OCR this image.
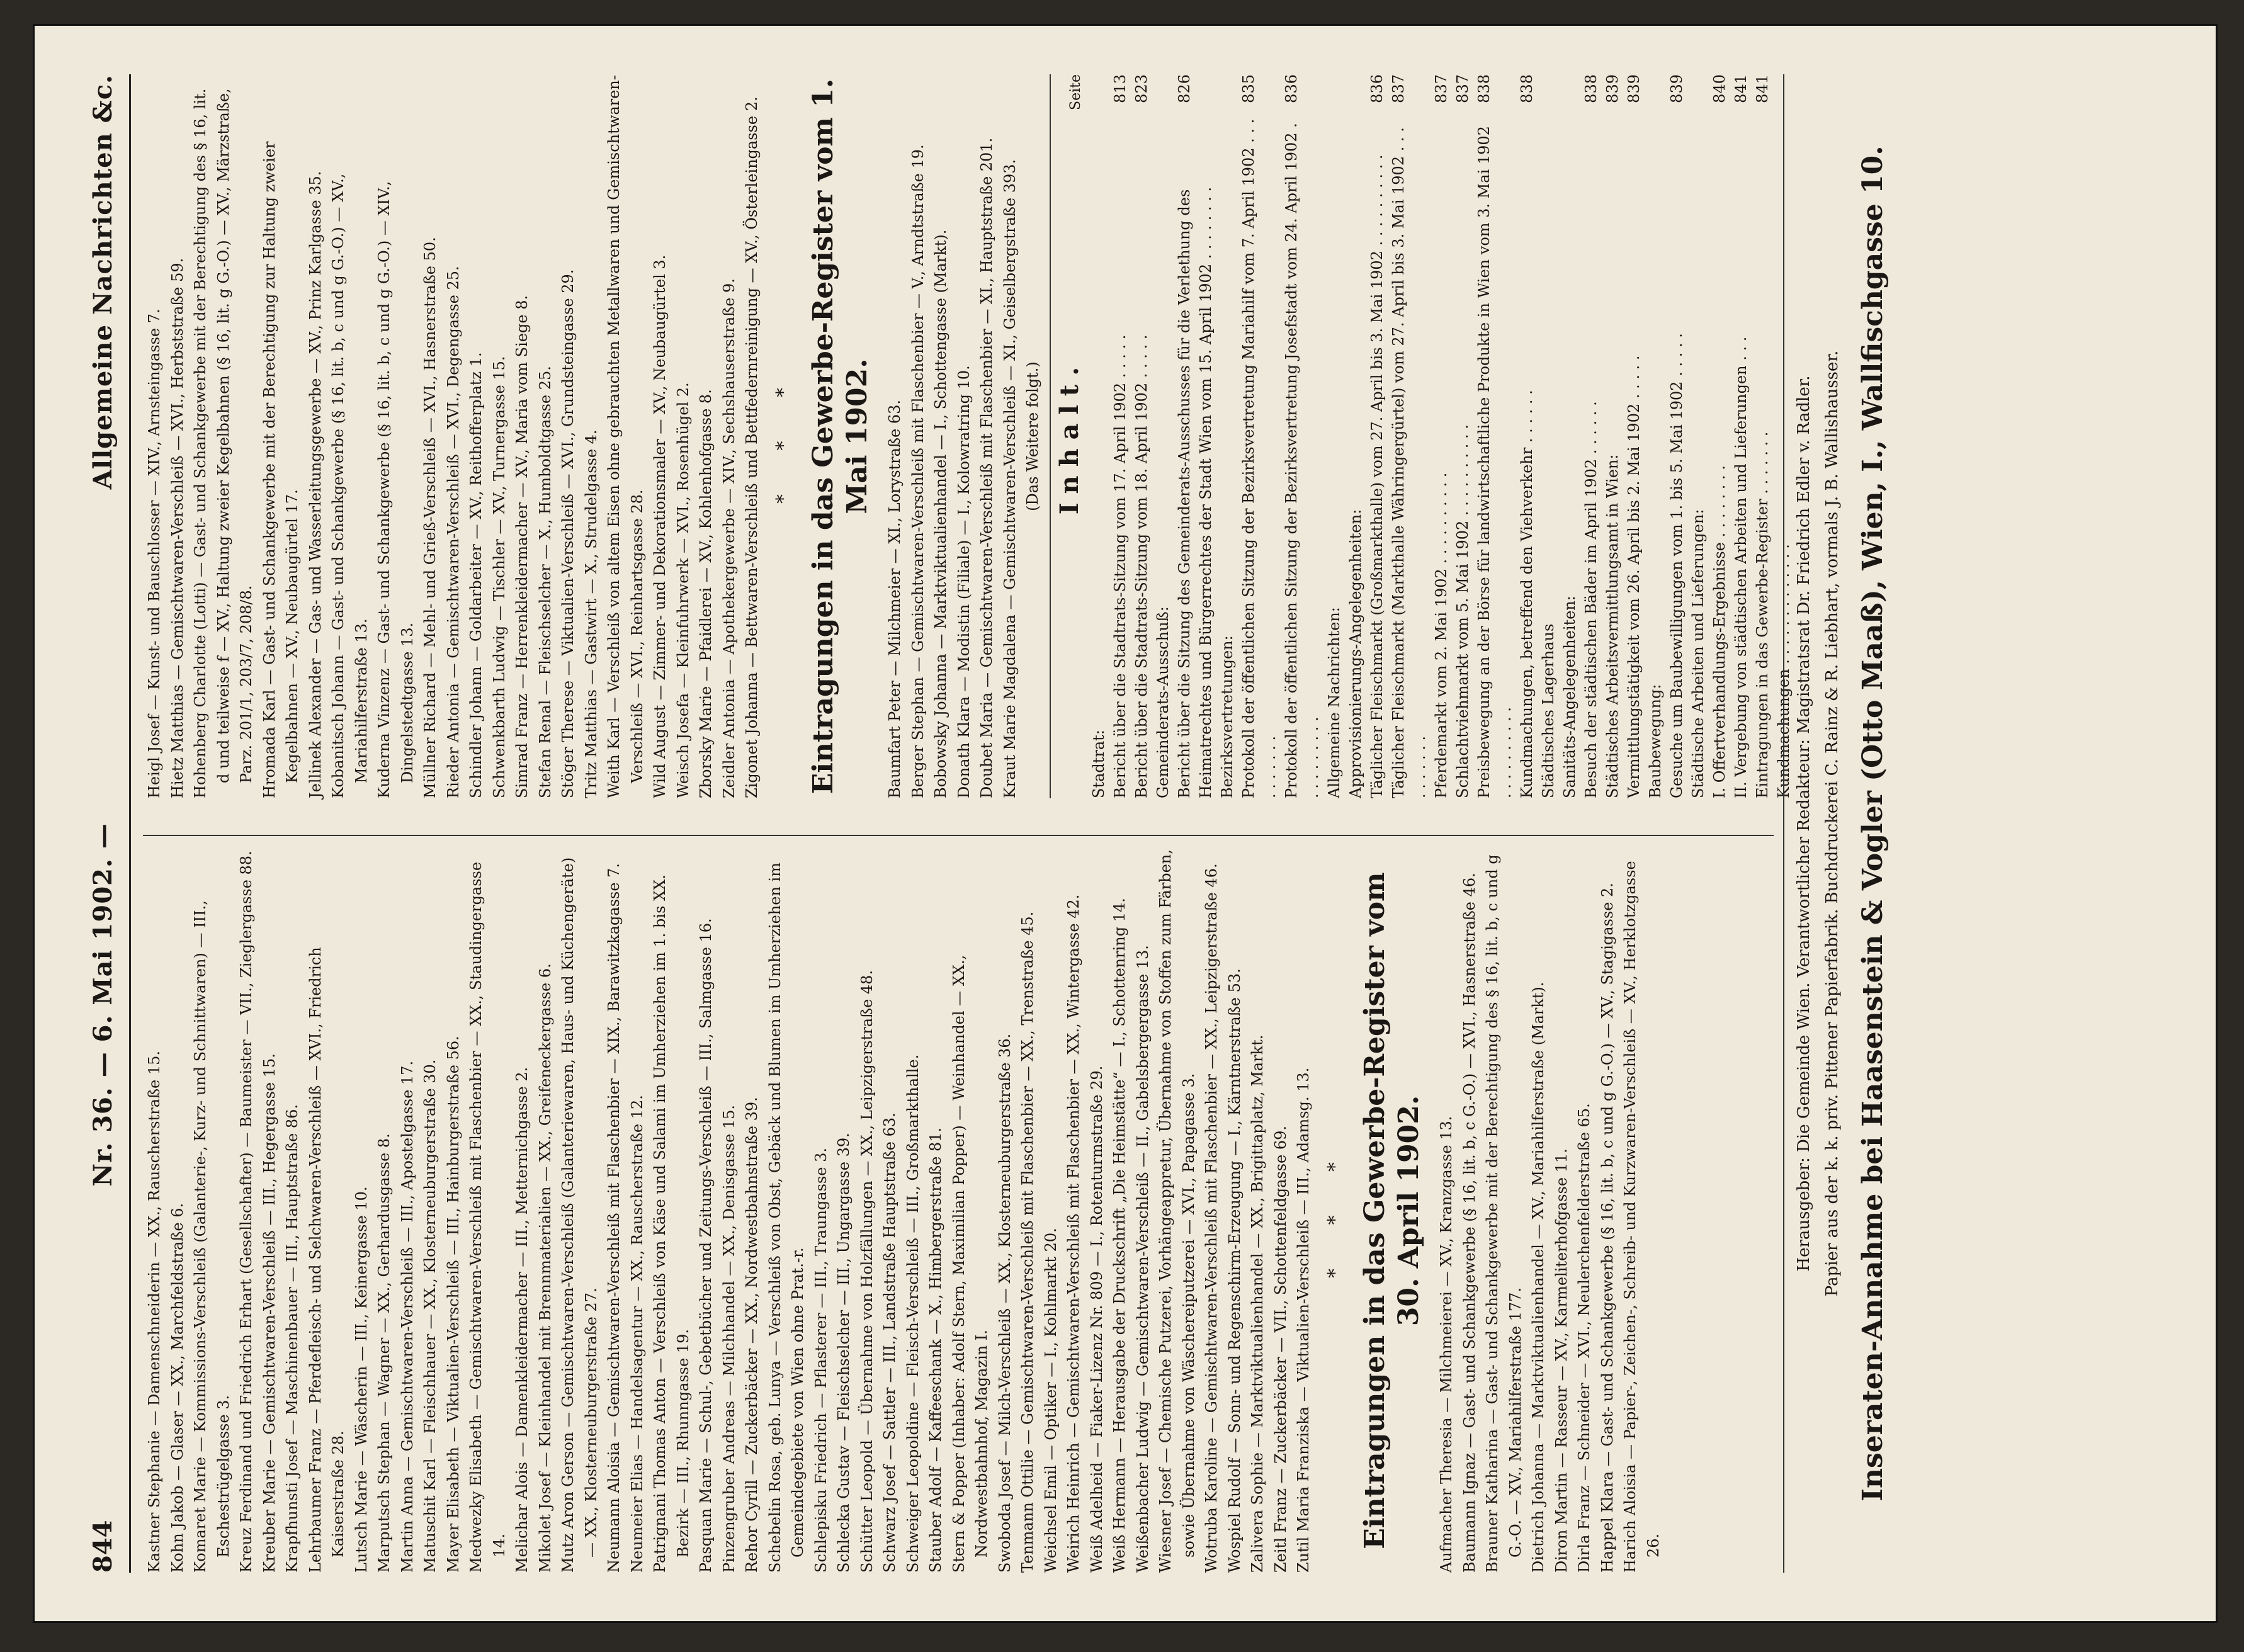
844
Nr. 36. — 6. Mai 1902. —
Allgemeine Nachrichten &c.

Kastner Stephanie — Damenschneiderin — XX., Rauscherstraße 15. Kohn Jakob — Glaser — XX., Marchfeldstraße 6. Komaret Marie — Kommissions-Verschleiß (Galanterie-, Kurz- und Schnittwaren) — III., Eschestrügelgasse 3. Kreuz Ferdinand und Friedrich Erhart (Gesellschafter) — Baumeister — VII., Zieglergasse 88. Kreuber Marie — Gemischtwaren-Verschleiß — III., Hegergasse 15. Krapfhunsti Josef — Maschinenbauer — III., Hauptstraße 86. Lehrbaumer Franz — Pferdefleisch- und Selchwaren-Verschleiß — XVI., Friedrich Kaiserstraße 28. Lutsch Marie — Wäscherin — III., Keinergasse 10. Marputsch Stephan — Wagner — XX., Gerhardusgasse 8. Martin Anna — Gemischtwaren-Verschleiß — III., Apostelgasse 17. Matuschit Karl — Fleischhauer — XX., Klosterneuburgerstraße 30. Mayer Elisabeth — Viktualien-Verschleiß — III., Hainburgerstraße 56. Medwezky Elisabeth — Gemischtwaren-Verschleiß mit Flaschenbier — XX., Staudingergasse 14. Melichar Alois — Damenkleidermacher — III., Metternichgasse 2. Mikolet Josef — Kleinhandel mit Brennmaterialien — XX., Greifeneckergasse 6. Mutz Aron Gerson — Gemischtwaren-Verschleiß (Galanteriewaren, Haus- und Küchengeräte) — XX., Klosterneuburgerstraße 27. Neumann Aloisia — Gemischtwaren-Verschleiß mit Flaschenbier — XIX., Barawitzkagasse 7. Neumeier Elias — Handelsagentur — XX., Rauscherstraße 12. Patrignani Thomas Anton — Verschleiß von Käse und Salami im Umherziehen im 1. bis XX. Bezirk — III., Rhunngasse 19. Pasquan Marie — Schul-, Gebetbücher und Zeitungs-Verschleiß — III., Salmgasse 16. Pinzengruber Andreas — Milchhandel — XX., Denisgasse 15. Rehor Cyrill — Zuckerbäcker — XX., Nordwestbahnstraße 39. Schebelin Rosa, geb. Lunya — Verschleiß von Obst, Gebäck und Blumen im Umherziehen im Gemeindegebiete von Wien ohne Prat.-r. Schlepisku Friedrich — Pflasterer — III., Traungasse 3. Schlecka Gustav — Fleischselcher — III., Ungargasse 39. Schütter Leopold — Übernahme von Holzfällungen — XX., Leipzigerstraße 48. Schwarz Josef — Sattler — III., Landstraße Hauptstraße 63. Schweiger Leopoldine — Fleisch-Verschleiß — III., Großmarkthalle. Stauber Adolf — Kaffeeschank — X., Himbergerstraße 81. Stern & Popper (Inhaber: Adolf Stern, Maximilian Popper) — Weinhandel — XX., Nordwestbahnhof, Magazin I. Swoboda Josef — Milch-Verschleiß — XX., Klosterneuburgerstraße 36. Tenmann Ottilie — Gemischtwaren-Verschleiß mit Flaschenbier — XX., Trenstraße 45. Weichsel Emil — Optiker — I., Kohlmarkt 20. Weirich Heinrich — Gemischtwaren-Verschleiß mit Flaschenbier — XX., Wintergasse 42. Weiß Adelheid — Fiaker-Lizenz Nr. 809 — I., Rotenturmstraße 29. Weiß Hermann — Herausgabe der Druckschrift „Die Heimstätte“ — I., Schottenring 14. Weißenbacher Ludwig — Gemischtwaren-Verschleiß — II., Gabelsbergergasse 13. Wiesner Josef — Chemische Putzerei, Vorhängeappretur, Übernahme von Stoffen zum Färben, sowie Übernahme von Wäschereiputzerei — XVI., Papagasse 3. Wotruba Karoline — Gemischtwaren-Verschleiß mit Flaschenbier — XX., Leipzigerstraße 46. Wospiel Rudolf — Sonn- und Regenschirm-Erzeugung — I., Kärntnerstraße 53. Zalivera Sophie — Marktviktualienhandel — XX., Brigittaplatz, Markt. Zeitl Franz — Zuckerbäcker — VII., Schottenfeldgasse 69. Zutil Maria Franziska — Viktualien-Verschleiß — III., Adamsg. 13. * * * Eintragungen in das Gewerbe-Register vom 30. April 1902. Aufmacher Theresia — Milchmeierei — XV., Kranzgasse 13. Baumann Ignaz — Gast- und Schankgewerbe (§ 16, lit. b, c G.-O.) — XVI., Hasnerstraße 46. Brauner Katharina — Gast- und Schankgewerbe mit der Berechtigung des § 16, lit. b, c und g G.-O. — XV., Mariahilferstraße 177. Dietrich Johanna — Marktviktualienhandel — XV., Mariahilferstraße (Markt). Diron Martin — Rasseur — XV., Karmeliterhofgasse 11. Dirla Franz — Schneider — XVI., Neulerchenfelderstraße 65. Happel Klara — Gast- und Schankgewerbe (§ 16, lit. b, c und g G.-O.) — XV., Stagigasse 2. Harich Aloisia — Papier-, Zeichen-, Schreib- und Kurzwaren-Verschleiß — XV., Herklotzgasse 26.

Heigl Josef — Kunst- und Bauschlosser — XIV., Arnsteingasse 7. Hietz Matthias — Gemischtwaren-Verschleiß — XVI., Herbststraße 59. Hohenberg Charlotte (Lotti) — Gast- und Schankgewerbe mit der Berechtigung des § 16, lit. d und teilweise f — XV., Haltung zweier Kegelbahnen (§ 16, lit. g G.-O.) — XV., Märzstraße, Parz. 201/1, 203/7, 208/8. Hromada Karl — Gast- und Schankgewerbe mit der Berechtigung zur Haltung zweier Kegelbahnen — XV., Neubaugürtel 17. Jellinek Alexander — Gas- und Wasserleitungsgewerbe — XV., Prinz Karlgasse 35. Kobanitsch Johann — Gast- und Schankgewerbe (§ 16, lit. b, c und g G.-O.) — XV., Mariahilferstraße 13. Kuderna Vinzenz — Gast- und Schankgewerbe (§ 16, lit. b, c und g G.-O.) — XIV., Dingelstedtgasse 13. Müllner Richard — Mehl- und Grieß-Verschleiß — XVI., Hasnerstraße 50. Rieder Antonia — Gemischtwaren-Verschleiß — XVI., Degengasse 25. Schindler Johann — Goldarbeiter — XV., Reithofferplatz 1. Schwenkbarth Ludwig — Tischler — XV., Turnergasse 15. Simrad Franz — Herrenkleidermacher — XV., Maria vom Siege 8. Stefan Renal — Fleischselcher — X., Humboldtgasse 25. Stöger Therese — Viktualien-Verschleiß — XVI., Grundsteingasse 29. Tritz Matthias — Gastwirt — X., Strudelgasse 4. Weith Karl — Verschleiß von altem Eisen ohne gebrauchten Metallwaren und Gemischtwaren-Verschleiß — XVI., Reinhartsgasse 28. Wild August — Zimmer- und Dekorationsmaler — XV., Neubaugürtel 3. Weisch Josefa — Kleinfuhrwerk — XVI., Rosenhügel 2. Zborsky Marie — Pfaidlerei — XV., Kohlenhofgasse 8. Zeidler Antonia — Apothekergewerbe — XIV., Sechshauserstraße 9. Zigonet Johanna — Bettwaren-Verschleiß und Bettfedernreinigung — XV., Österleingasse 2. * * * Eintragungen in das Gewerbe-Register vom 1. Mai 1902. Baumfart Peter — Milchmeier — XI., Lorystraße 63. Berger Stephan — Gemischtwaren-Verschleiß mit Flaschenbier — V., Arndtstraße 19. Bobowsky Johanna — Marktviktualienhandel — I., Schottengasse (Markt). Donath Klara — Modistin (Filiale) — I., Kolowratring 10. Doubet Maria — Gemischtwaren-Verschleiß mit Flaschenbier — XI., Hauptstraße 201. Kraut Marie Magdalena — Gemischtwaren-Verschleiß — XI., Geiselbergstraße 393. (Das Weitere folgt.) Inhalt.
Seite
Stadtrat: Bericht über die Stadtrats-Sitzung vom 17. April 1902 . . . . .
813
Bericht über die Stadtrats-Sitzung vom 18. April 1902 . . . . .
823
Gemeinderats-Ausschuß: Bericht über die Sitzung des Gemeinderats-Ausschusses für die Verlethung des Heimatrechtes und Bürgerrechtes der Stadt Wien vom 15. April 1902 . . . . . . . .
826
Bezirksvertretungen: Protokoll der öffentlichen Sitzung der Bezirksvertretung Mariahilf vom 7. April 1902 . . . . . . . . . .
835
Protokoll der öffentlichen Sitzung der Bezirksvertretung Josefstadt vom 24. April 1902 . . . . . . . . . .
836
Allgemeine Nachrichten: Approvisionierungs-Angelegenheiten: Täglicher Fleischmarkt (Großmarkthalle) vom 27. April bis 3. Mai 1902 . . . . . . . . . .
836
Täglicher Fleischmarkt (Markthalle Währingergürtel) vom 27. April bis 3. Mai 1902 . . . . . . . . . .
837
Pferdemarkt vom 2. Mai 1902 . . . . . . . . . .
837
Schlachtviehmarkt vom 5. Mai 1902 . . . . . . . . . .
837
Preisbewegung an der Börse für landwirtschaftliche Produkte in Wien vom 3. Mai 1902 . . . . . . . . . .
838
Kundmachungen, betreffend den Viehverkehr . . . . . .
838
Städtisches Lagerhaus Sanitäts-Angelegenheiten: Besuch der städtischen Bäder im April 1902 . . . . . .
838
Städtisches Arbeitsvermittlungsamt in Wien:
839
Vermittlungstätigkeit vom 26. April bis 2. Mai 1902 . . . . .
839
Baubewegung: Gesuche um Baubewilligungen vom 1. bis 5. Mai 1902 . . . . .
839
Städtische Arbeiten und Lieferungen: I. Offertverhandlungs-Ergebnisse . . . . . . . .
840
II. Vergebung von städtischen Arbeiten und Lieferungen . . .
841
Eintragungen in das Gewerbe-Register . . . . . . .
841
Kundmachungen . . . . . . . . . . . . . Herausgeber: Die Gemeinde Wien. Verantwortlicher Redakteur: Magistratsrat Dr. Friedrich Edler v. Radler. Papier aus der k. k. priv. Pittener Papierfabrik. Buchdruckerei C. Rainz & R. Liebhart, vormals J. B. Wallishausser. Inseraten-Annahme bei Haasenstein & Vogler (Otto Maaß), Wien, I., Wallfischgasse 10.
